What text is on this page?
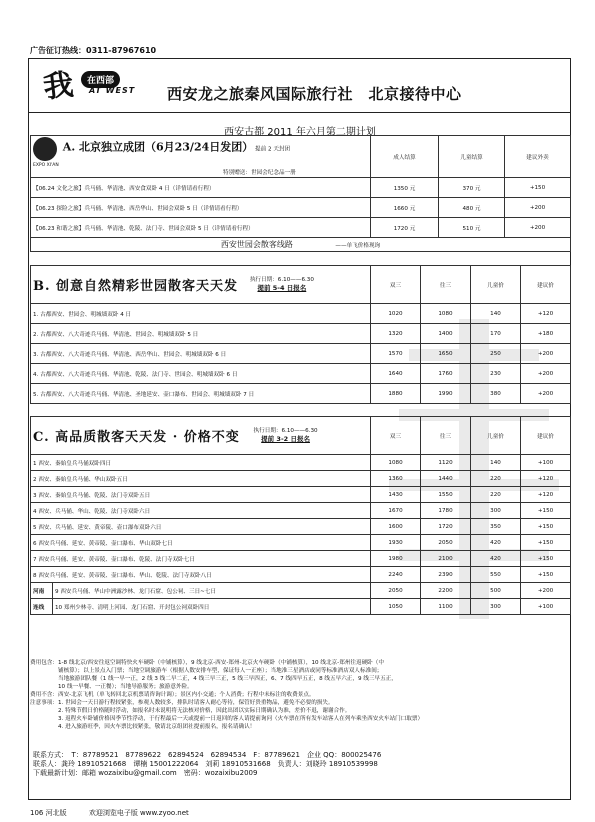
广告征订热线：0311-87967610
我	在西部
AT WEST 西安龙之旅秦风国际旅行社　北京接待中心
西安古都 2011 年六月第二期计划
A. 北京独立成团（6月23/24日发团） 提前 2 天封团
EXPO XI'AN
特别赠送：世园会纪念品一册	成人结算	儿童结算	建议外卖
【06.24 文化之旅】兵马俑、华清池、西安食双卧 4 日（详情请看行程）	1350 元	370 元	+150
【06.23 探险之旅】兵马俑、华清池、西岳华山、世园会双卧 5 日（详情请看行程）	1660 元	480 元	+200
【06.23 和谐之旅】兵马俑、华清池、乾陵、法门寺、世园会双卧 5 日（详情请看行程）	1720 元	510 元	+200
西安世园会散客线路 ——单飞价格现询			
B. 创意自然精彩世园散客天天发 执行日期：6.10——6.30
提前 5-4 日报名	双三	往三	儿童价	建议价
1. 古都西安、世园会、明城墙双卧 4 日	1020	1080	140	+120
2. 古都西安、八大奇迹兵马俑、华清池、世园会、明城墙双卧 5 日	1320	1400	170	+180
3. 古都西安、八大奇迹兵马俑、华清池、西岳华山、世园会、明城墙双卧 6 日	1570	1650	250	+200
4. 古都西安、八大奇迹兵马俑、华清池、乾陵、法门寺、世园会、明城墙双卧 6 日	1640	1760	230	+200
5. 古都西安、八大奇迹兵马俑、华清池、圣地延安、壶口瀑布、世园会、明城墙双卧 7 日	1880	1990	380	+200
C. 高品质散客天天发 · 价格不变 执行日期：6.10——6.30
提前 3-2 日报名		双三	往三	儿童价	建议价
1 西安、秦始皇兵马俑双卧四日		1080	1120	140	+100
2 西安、秦始皇兵马俑、华山双卧五日		1360	1440	220	+120
3 西安、秦始皇兵马俑、乾陵、法门寺双卧五日		1430	1550	220	+120
4 西安、兵马俑、华山、乾陵、法门寺双卧六日		1670	1780	300	+150
5 西安、兵马俑、延安、黄帝陵、壶口瀑布双卧六日		1600	1720	350	+150
6 西安兵马俑、延安、黄帝陵、壶口瀑布、华山双卧七日		1930	2050	420	+150
7 西安兵马俑、延安、黄帝陵、壶口瀑布、乾陵、法门寺双卧七日		1980	2100	420	+150
8 西安兵马俑、延安、黄帝陵、壶口瀑布、华山、乾陵、法门寺双卧八日		2240	2390	550	+150
河南	9 西安兵马俑、华山中洲露沙林、龙门石窟、包公祠、三日~七日	2050	2200	500	+200
连线	10 郑州少林寺、清明上河园、龙门石窟、开封包公祠双卧四日	1050	1100	300	+100

费用包含：1-8 线北京/西安往返空调特快火车硬卧（中铺核算），9 线北京-西安-郑州-北京火车硬卧（中铺核算），10 线北京-郑州往返硬卧（中

　　　　　铺核算）；以上景点入门票；当地空调旅游车（根据人数安排车型，保证每人一正座）；当地准三星酒店或同等标准酒店双人标准间；

　　　　　当地旅游团队餐（1 线一早一正，2 线 3 线二早二正，4 线三早三正，5 线三早四正，6、7 线四早五正，8 线五早六正，9 线三早五正，

　　　　　10 线一早餐、一正餐）；当地导游服务；旅游意外险。

费用不含：西安-北京飞机（单飞转回北京机票请咨询计调）；景区内小交通；个人消费；行程中未标注的收费景点。

注意事项：1. 世园会一天日游行程较紧张，参观人数较多，排队时请客人耐心等待，保管好贵重物品，避免不必要的损失。

　　　　　2. 特殊节假日价格随时浮动，如报名时未说明将无法核对价格，因此出团以实际日期确认为准，差价不退，谢谢合作。

　　　　　3. 返程火车卧铺价格因季节性浮动，于行程最后一天或提前一日返回的客人请提前询问（火车票在所有发车站客人在列车乘坐西安火车站门口取票）

　　　　　4. 进入旅游旺季，因火车票比较紧张，敬请北京组团社提前报名，报名请确认！

联系方式：　T：87789521　87789622　62894524　62894534　F：87789621　企业 QQ：800025476

联系人：龚玲 18910521668　谭楠 15001222064　刘莉 18910531668　负责人：刘晓玲 18910539998

下载最新计划：邮箱 wozaixibu@gmail.com　密码：wozaixibu2009

106 河北版	欢迎浏览电子版 www.zyoo.net
